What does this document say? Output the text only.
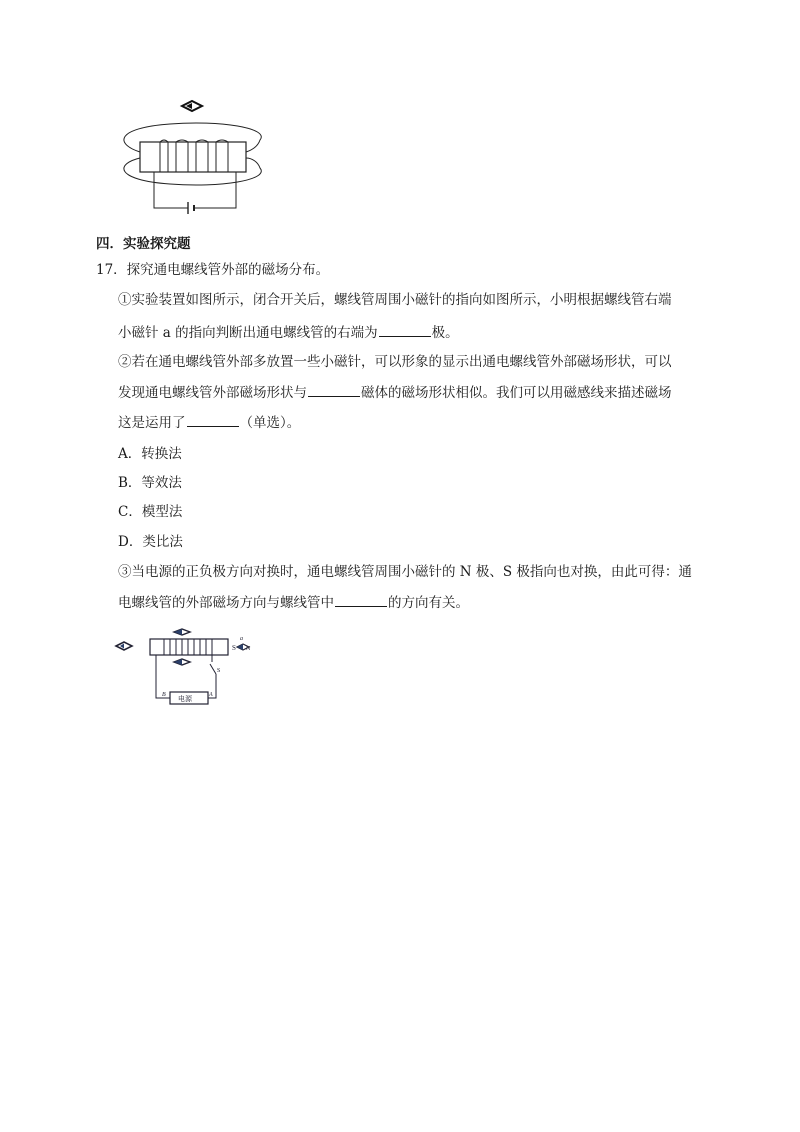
四．实验探究题
17．探究通电螺线管外部的磁场分布。
①实验装置如图所示，闭合开关后，螺线管周围小磁针的指向如图所示，小明根据螺线管右端
小磁针 a 的指向判断出通电螺线管的右端为	极。
②若在通电螺线管外部多放置一些小磁针，可以形象的显示出通电螺线管外部磁场形状，可以
发现通电螺线管外部磁场形状与	磁体的磁场形状相似。我们可以用磁感线来描述磁场
这是运用了	（单选）。
A．转换法
B．等效法
C．模型法
D．类比法
③当电源的正负极方向对换时，通电螺线管周围小磁针的 N 极、S 极指向也对换，由此可得：通
电螺线管的外部磁场方向与螺线管中	的方向有关。
S
a
N
S
电源
B	A
